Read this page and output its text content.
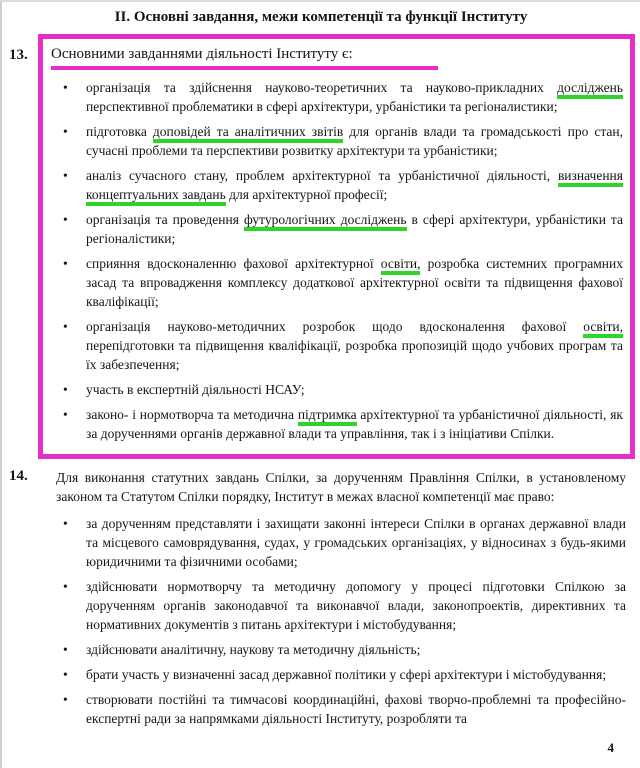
ІІ. Основні завдання, межи компетенції та функції Інституту
13.	Основними завданнями діяльності Інституту є:
•	організація та здійснення науково-теоретичних та науково-прикладних досліджень перспективної проблематики в сфері архітектури, урбаністики та регіоналистики;
•	підготовка доповідей та аналітичних звітів для органів влади та громадськості про стан, сучасні проблеми та перспективи розвитку архітектури та урбаністики;
•	аналіз сучасного стану, проблем архітектурної та урбаністичної діяльності, визначення концептуальних завдань для архітектурної професії;
•	організація та проведення футурологічних досліджень в сфері архітектури, урбаністики та регіоналістики;
•	сприяння вдосконаленню фахової архітектурної освіти, розробка системних програмних засад та впровадження комплексу додаткової архітектурної освіти та підвищення фахової кваліфікації;
•	організація науково-методичних розробок щодо вдосконалення фахової освіти, перепідготовки та підвищення кваліфікації, розробка пропозицій щодо учбових програм та їх забезпечення;
•	участь в експертній діяльності НСАУ;
•	законо- і нормотворча та методична підтримка архітектурної та урбаністичної діяльності, як за дорученнями органів державної влади та управління, так і з ініціативи Спілки.
14.	Для виконання статутних завдань Спілки, за дорученням Правління Спілки, в установленому законом та Статутом Спілки порядку, Інститут в межах власної компетенції має право:

•	за дорученням представляти і захищати законні інтереси Спілки в органах державної влади та місцевого самоврядування, судах, у громадських організаціях, у відносинах з будь-якими юридичними та фізичними особами;
•	здійснювати нормотворчу та методичну допомогу у процесі підготовки Спілкою за дорученням органів законодавчої та виконавчої влади, законопроектів, директивних та нормативних документів з питань архітектури і містобудування;
•	здійснювати аналітичну, наукову та методичну діяльність;
•	брати участь у визначенні засад державної політики у сфері архітектури і містобудування;
•	створювати постійні та тимчасові координаційні, фахові творчо-проблемні та професійно-експертні ради за напрямками діяльності Інституту, розробляти та
4
